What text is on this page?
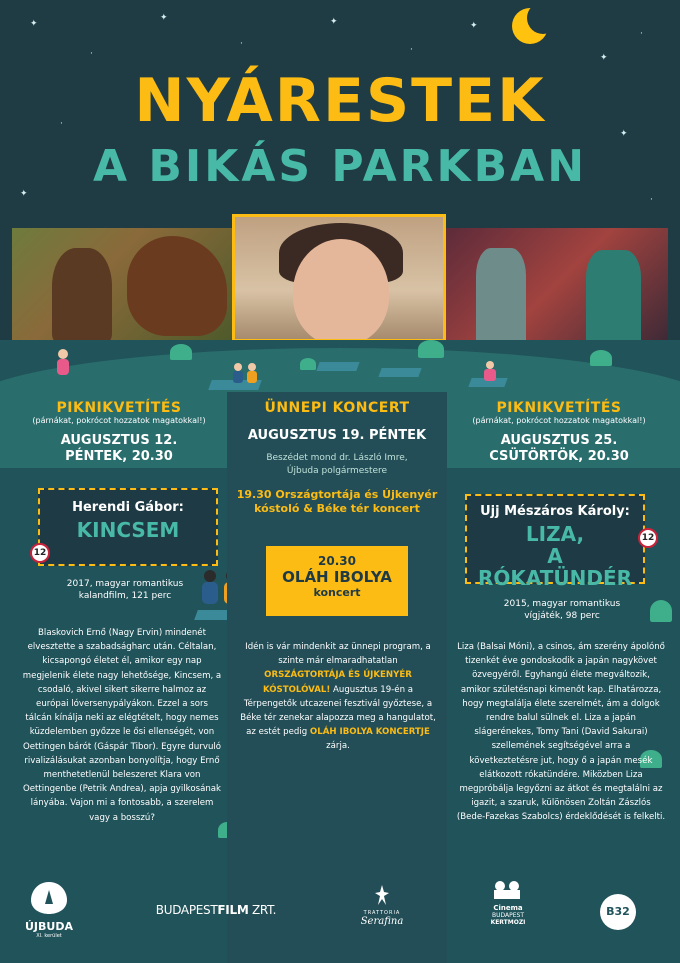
✦
·
✦
·
✦
·
✦
✦
·
·
✦
✦
·
NYÁRESTEK
A BIKÁS PARKBAN
PIKNIKVETÍTÉS
(párnákat, pokrócot hozzatok magatokkal!)
AUGUSZTUS 12.
PÉNTEK, 20.30
Herendi Gábor:
KINCSEM
12
2017, magyar romantikus
kalandfilm, 121 perc
Blaskovich Ernő (Nagy Ervin) mindenét elvesztette a szabadságharc után. Céltalan, kicsapongó életet él, amikor egy nap megjelenik élete nagy lehetősége, Kincsem, a csodaló, akivel sikert sikerre halmoz az európai lóversenypályákon. Ezzel a sors tálcán kínálja neki az elégtételt, hogy nemes küzdelemben győzze le ősi ellenségét, von Oettingen bárót (Gáspár Tibor). Egyre durvuló rivalizálásukat azonban bonyolítja, hogy Ernő menthetetlenül beleszeret Klara von Oettingenbe (Petrik Andrea), apja gyilkosának lányába. Vajon mi a fontosabb, a szerelem vagy a bosszú?
ÜNNEPI KONCERT
AUGUSZTUS 19. PÉNTEK
Beszédet mond dr. László Imre,
Újbuda polgármestere
19.30 Országtortája és Újkenyér
kóstoló & Béke tér koncert
20.30
OLÁH IBOLYA
koncert
Idén is vár mindenkit az ünnepi program, a szinte már elmaradhatatlan ORSZÁGTORTÁJA ÉS ÚJKENYÉR KÓSTOLÓVAL! Augusztus 19-én a Térpengetők utcazenei fesztivál győztese, a Béke tér zenekar alapozza meg a hangulatot, az estét pedig OLÁH IBOLYA KONCERTJE zárja.
PIKNIKVETÍTÉS
(párnákat, pokrócot hozzatok magatokkal!)
AUGUSZTUS 25.
CSÜTÖRTÖK, 20.30
Ujj Mészáros Károly:
LIZA,
A RÓKATÜNDÉR
12
2015, magyar romantikus
vígjáték, 98 perc
Liza (Balsai Móni), a csinos, ám szerény ápolónő tizenkét éve gondoskodik a japán nagykövet özvegyéről. Egyhangú élete megváltozik, amikor születésnapi kimenőt kap. Elhatározza, hogy megtalálja élete szerelmét, ám a dolgok rendre balul sülnek el. Liza a japán slágerénekes, Tomy Tani (David Sakurai) szellemének segítségével arra a következtetésre jut, hogy ő a japán mesék elátkozott rókatündére. Miközben Liza megpróbálja legyőzni az átkot és megtalálni az igazit, a szaruk, különösen Zoltán Zászlós (Bede-Fazekas Szabolcs) érdeklődését is felkelti.
ÚJBUDA
XI. kerület
BUDAPESTFILM ZRT.	TRATTORIA
Serafina
Cinema
BUDAPEST
KERTMOZI
B32
